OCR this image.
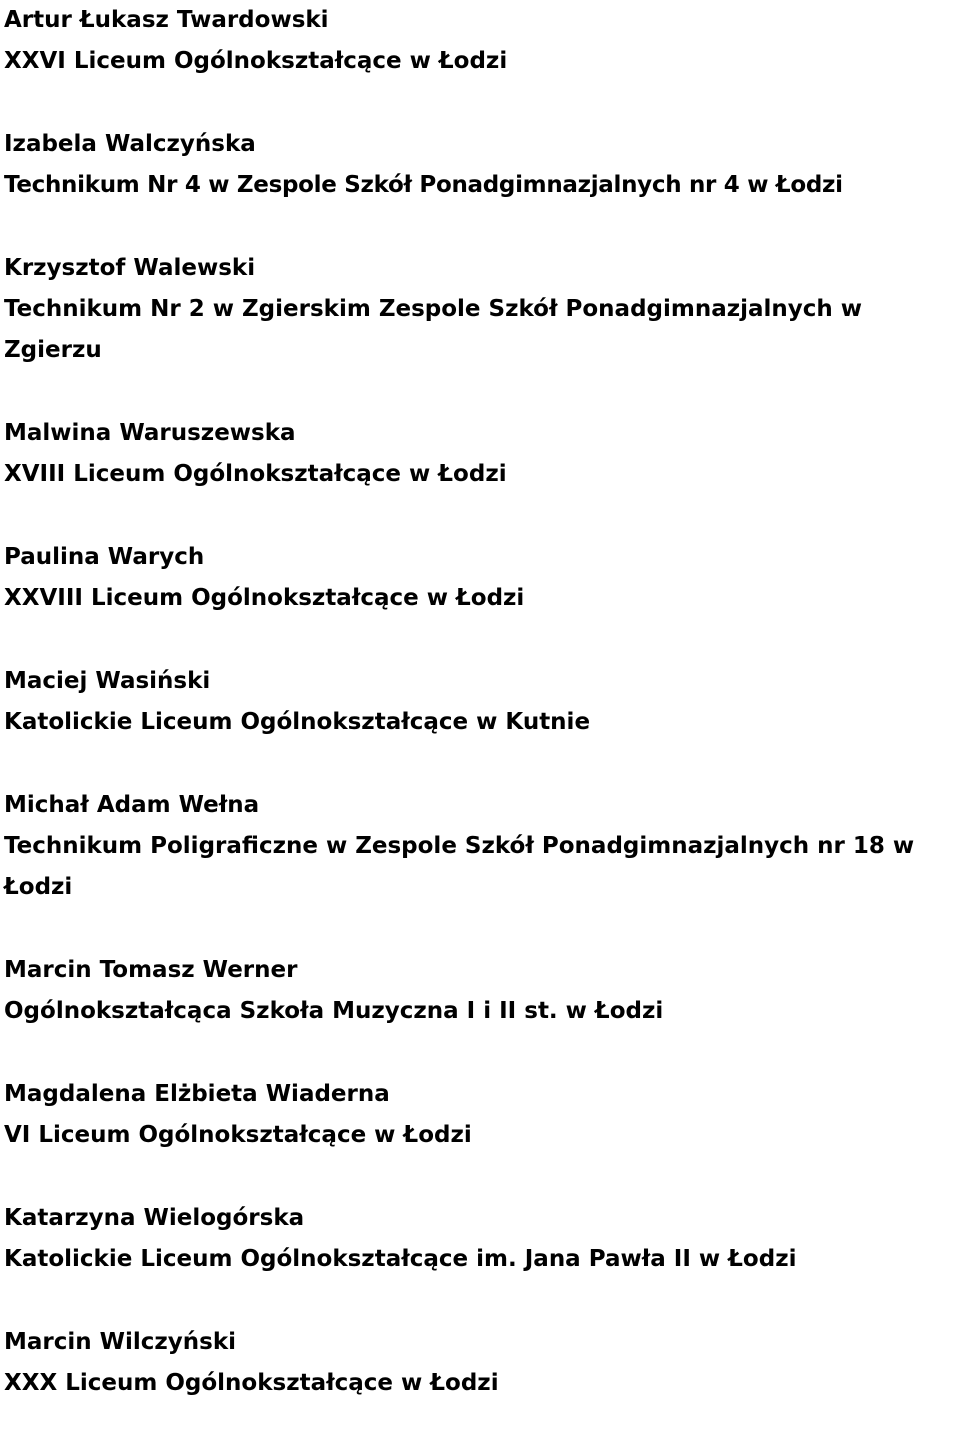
Artur Łukasz Twardowski
XXVI Liceum Ogólnokształcące w Łodzi
Izabela Walczyńska
Technikum Nr 4 w Zespole Szkół Ponadgimnazjalnych nr 4 w Łodzi
Krzysztof Walewski
Technikum Nr 2 w Zgierskim Zespole Szkół Ponadgimnazjalnych w Zgierzu
Malwina Waruszewska
XVIII Liceum Ogólnokształcące w Łodzi
Paulina Warych
XXVIII Liceum Ogólnokształcące w Łodzi
Maciej Wasiński
Katolickie Liceum Ogólnokształcące w Kutnie
Michał Adam Wełna
Technikum Poligraficzne w Zespole Szkół Ponadgimnazjalnych nr 18 w Łodzi
Marcin Tomasz Werner
Ogólnokształcąca Szkoła Muzyczna I i II st. w Łodzi
Magdalena Elżbieta Wiaderna
VI Liceum Ogólnokształcące w Łodzi
Katarzyna Wielogórska
Katolickie Liceum Ogólnokształcące im. Jana Pawła II w Łodzi
Marcin Wilczyński
XXX Liceum Ogólnokształcące w Łodzi
